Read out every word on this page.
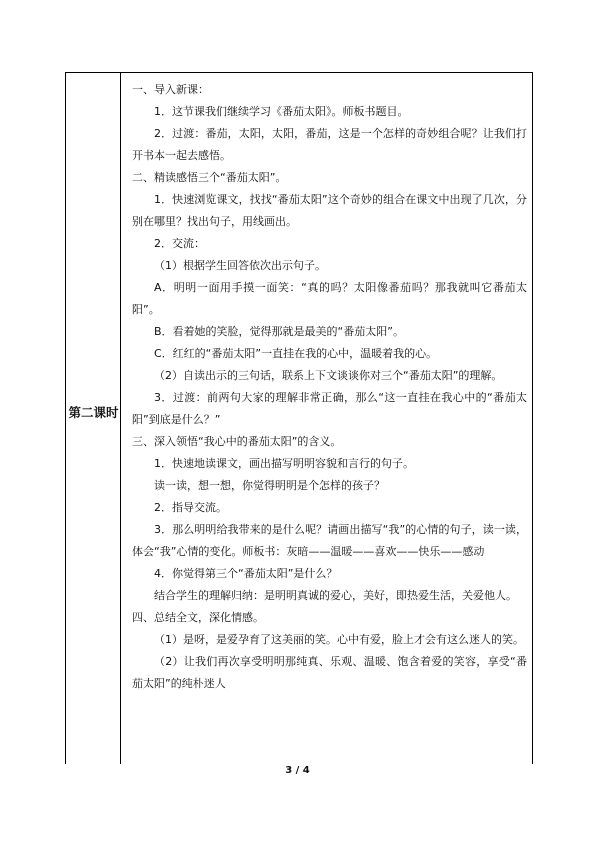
第二课时

一、导入新课：

1．这节课我们继续学习《番茄太阳》。师板书题目。

2．过渡：番茄，太阳，太阳，番茄，这是一个怎样的奇妙组合呢？让我们打开书本一起去感悟。

二、精读感悟三个“番茄太阳”。

1．快速浏览课文，找找“番茄太阳”这个奇妙的组合在课文中出现了几次，分别在哪里？找出句子，用线画出。

2．交流：

（1）根据学生回答依次出示句子。

A．明明一面用手摸一面笑：“真的吗？太阳像番茄吗？那我就叫它番茄太阳”。

B．看着她的笑脸，觉得那就是最美的“番茄太阳”。

C．红红的“番茄太阳”一直挂在我的心中，温暖着我的心。

（2）自读出示的三句话，联系上下文谈谈你对三个“番茄太阳”的理解。

3．过渡：前两句大家的理解非常正确，那么“这一直挂在我心中的“番茄太阳”到底是什么？”

三、深入领悟“我心中的番茄太阳”的含义。

1．快速地读课文，画出描写明明容貌和言行的句子。

读一读，想一想，你觉得明明是个怎样的孩子？

2．指导交流。

3．那么明明给我带来的是什么呢？请画出描写“我”的心情的句子，读一读，体会“我”心情的变化。师板书：灰暗——温暖——喜欢——快乐——感动

4．你觉得第三个“番茄太阳”是什么？

结合学生的理解归纳：是明明真诚的爱心，美好，即热爱生活，关爱他人。

四、总结全文，深化情感。

（1）是呀，是爱孕育了这美丽的笑。心中有爱，脸上才会有这么迷人的笑。

（2）让我们再次享受明明那纯真、乐观、温暖、饱含着爱的笑容，享受“番茄太阳”的纯朴迷人

3 / 4
